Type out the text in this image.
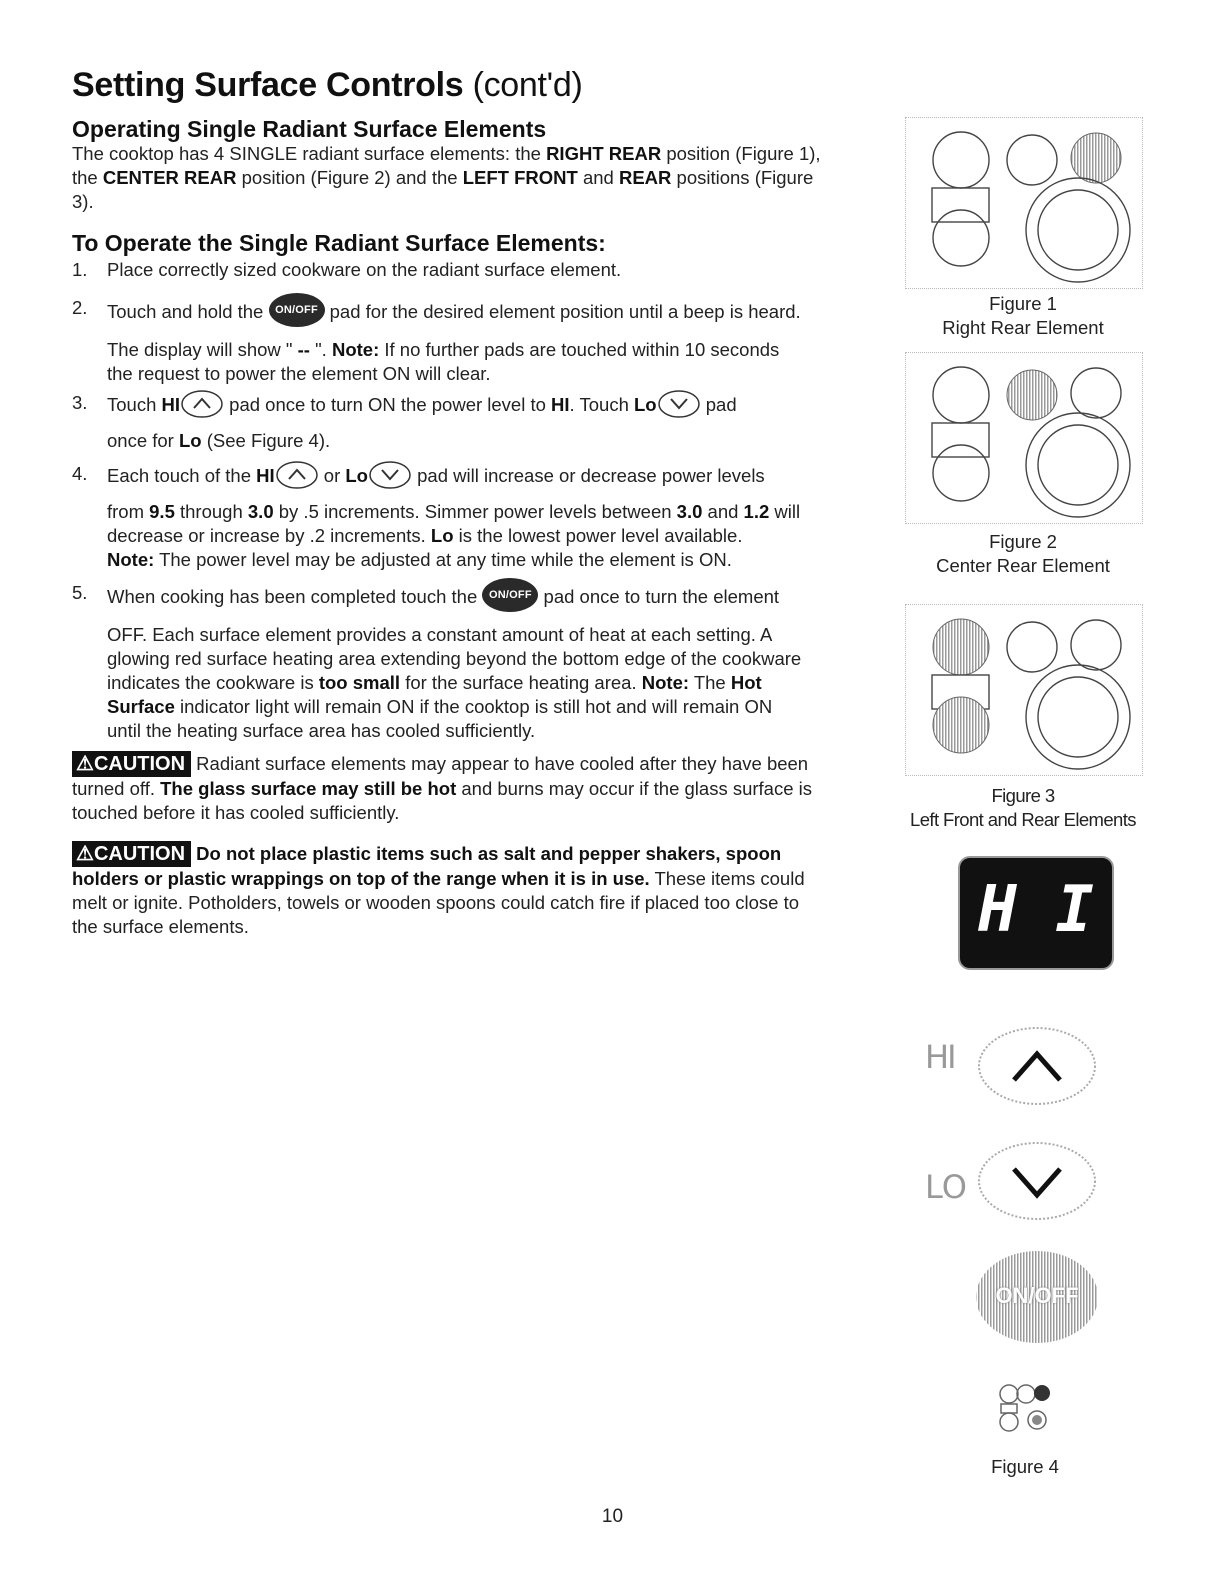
Setting Surface Controls (cont'd)
Operating Single Radiant Surface Elements
The cooktop has 4 SINGLE radiant surface elements: the RIGHT REAR position (Figure 1),
the CENTER REAR position (Figure 2) and the LEFT FRONT and REAR positions (Figure
3).
To Operate the Single Radiant Surface Elements:
1. Place correctly sized cookware on the radiant surface element.
2. Touch and hold the ON/OFF pad for the desired element position until a beep is heard.
The display will show " -- ". Note: If no further pads are touched within 10 seconds
the request to power the element ON will clear.
3. Touch HI pad once to turn ON the power level to HI. Touch Lo pad
once for Lo (See Figure 4).
4. Each touch of the HI or Lo pad will increase or decrease power levels
from 9.5 through 3.0 by .5 increments. Simmer power levels between 3.0 and 1.2 will
decrease or increase by .2 increments. Lo is the lowest power level available.
Note: The power level may be adjusted at any time while the element is ON.
5. When cooking has been completed touch the ON/OFF pad once to turn the element
OFF. Each surface element provides a constant amount of heat at each setting. A
glowing red surface heating area extending beyond the bottom edge of the cookware
indicates the cookware is too small for the surface heating area. Note: The Hot
Surface indicator light will remain ON if the cooktop is still hot and will remain ON
until the heating surface area has cooled sufficiently.
⚠CAUTION Radiant surface elements may appear to have cooled after they have been
turned off. The glass surface may still be hot and burns may occur if the glass surface is
touched before it has cooled sufficiently.
⚠CAUTION Do not place plastic items such as salt and pepper shakers, spoon
holders or plastic wrappings on top of the range when it is in use. These items could
melt or ignite. Potholders, towels or wooden spoons could catch fire if placed too close to
the surface elements.
Figure 1
Right Rear Element
Figure 2
Center Rear Element
Figure 3
Left Front and Rear Elements
H I
HI
LO
ON/OFF
Figure 4
10
